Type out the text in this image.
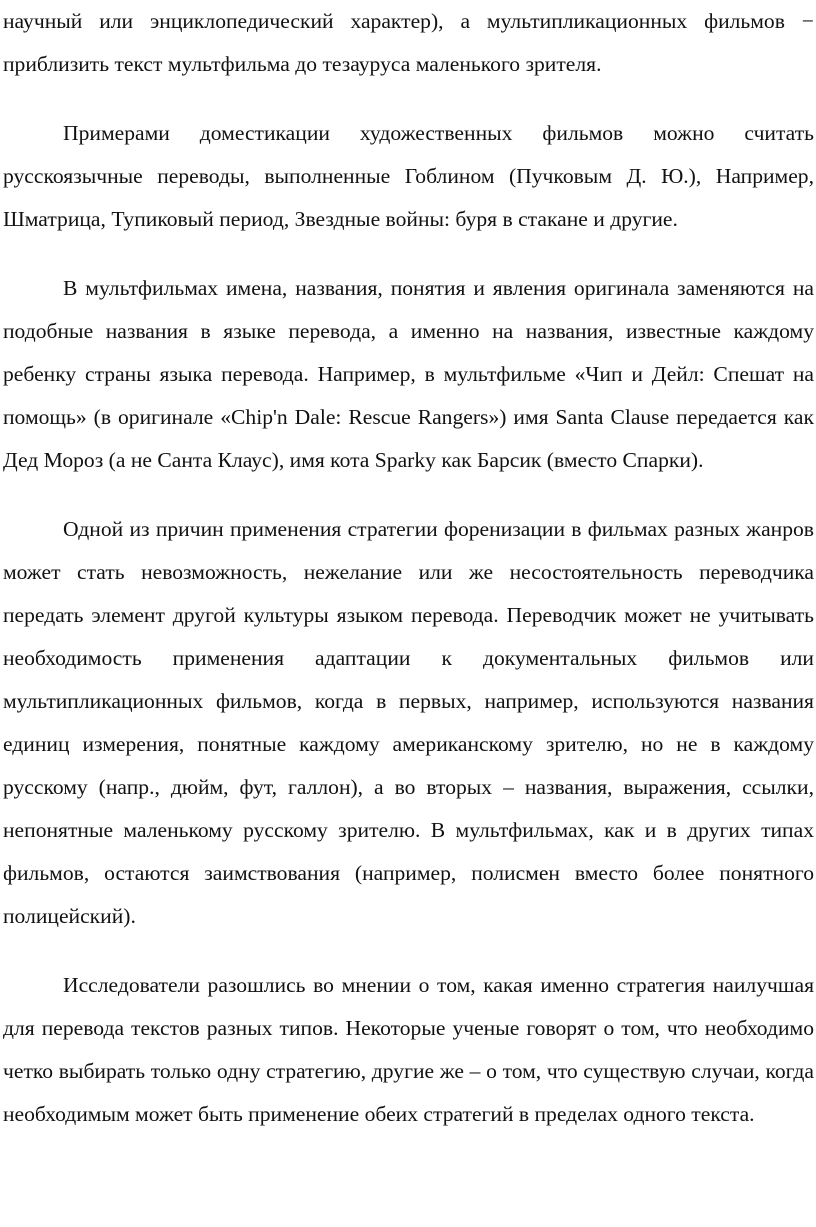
научный или энциклопедический характер), а мультипликационных фильмов − приблизить текст мультфильма до тезауруса маленького зрителя.

Примерами доместикации художественных фильмов можно считать русскоязычные переводы, выполненные Гоблином (Пучковым Д. Ю.), Например, Шматрица, Тупиковый период, Звездные войны: буря в стакане и другие.

В мультфильмах имена, названия, понятия и явления оригинала заменяются на подобные названия в языке перевода, а именно на названия, известные каждому ребенку страны языка перевода. Например, в мультфильме «Чип и Дейл: Спешат на помощь» (в оригинале «Chip'n Dale: Rescue Rangers») имя Santa Clause передается как Дед Мороз (а не Санта Клаус), имя кота Sparky как Барсик (вместо Спарки).

Одной из причин применения стратегии форенизации в фильмах разных жанров может стать невозможность, нежелание или же несостоятельность переводчика передать элемент другой культуры языком перевода. Переводчик может не учитывать необходимость применения адаптации к документальных фильмов или мультипликационных фильмов, когда в первых, например, используются названия единиц измерения, понятные каждому американскому зрителю, но не в каждому русскому (напр., дюйм, фут, галлон), а во вторых – названия, выражения, ссылки, непонятные маленькому русскому зрителю. В мультфильмах, как и в других типах фильмов, остаются заимствования (например, полисмен вместо более понятного полицейский).

Исследователи разошлись во мнении о том, какая именно стратегия наилучшая для перевода текстов разных типов. Некоторые ученые говорят о том, что необходимо четко выбирать только одну стратегию, другие же – о том, что существую случаи, когда необходимым может быть применение обеих стратегий в пределах одного текста.
